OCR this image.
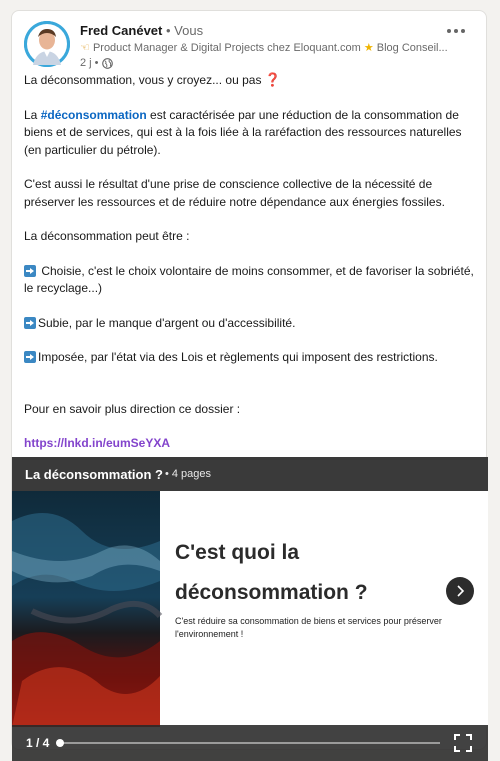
Fred Canévet • Vous
☜ Product Manager & Digital Projects chez Eloquant.com ★ Blog Conseil...
2 j •

La déconsommation, vous y croyez... ou pas ❓

La #déconsommation est caractérisée par une réduction de la consommation de biens et de services, qui est à la fois liée à la raréfaction des ressources naturelles (en particulier du pétrole).

C'est aussi le résultat d'une prise de conscience collective de la nécessité de préserver les ressources et de réduire notre dépendance aux énergies fossiles.

La déconsommation peut être :

Choisie, c'est le choix volontaire de moins consommer, et de favoriser la sobriété, le recyclage...)

Subie, par le manque d'argent ou d'accessibilité.

Imposée, par l'état via des Lois et règlements qui imposent des restrictions.

Pour en savoir plus direction ce dossier :

https://lnkd.in/eumSeYXA

La déconsommation ? • 4 pages
C'est quoi la déconsommation ?
C'est réduire sa consommation de biens et services pour préserver l'environnement !
1 / 4
